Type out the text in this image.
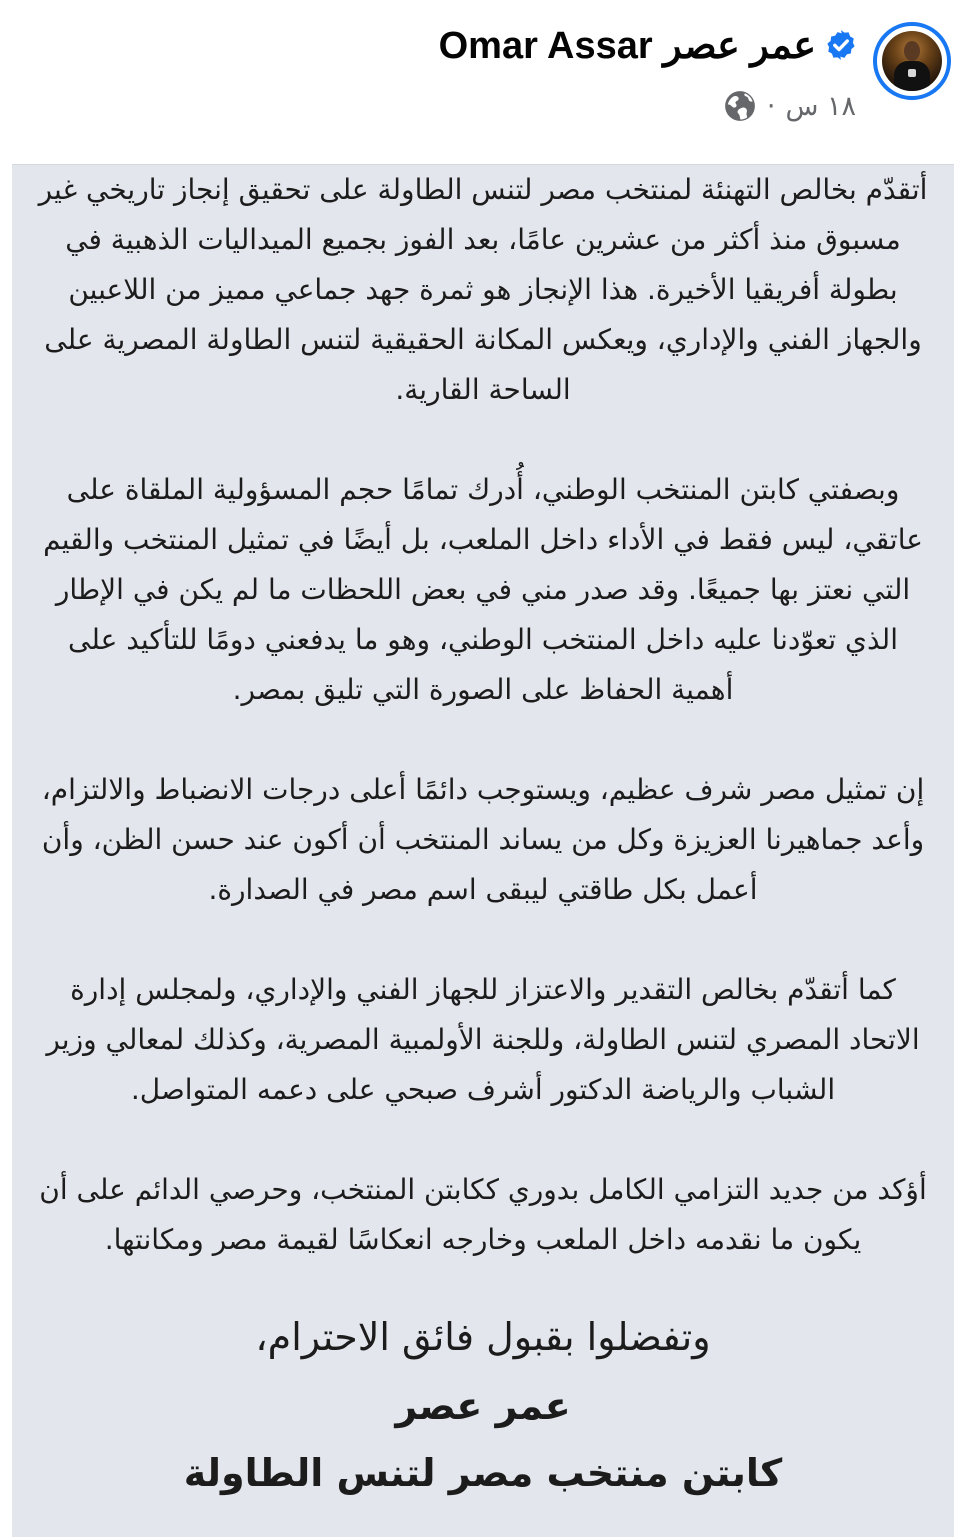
Omar Assar عمر عصر
١٨ س
·

أتقدّم بخالص التهنئة لمنتخب مصر لتنس الطاولة على تحقيق إنجاز تاريخي غير مسبوق منذ أكثر من عشرين عامًا، بعد الفوز بجميع الميداليات الذهبية في بطولة أفريقيا الأخيرة. هذا الإنجاز هو ثمرة جهد جماعي مميز من اللاعبين والجهاز الفني والإداري، ويعكس المكانة الحقيقية لتنس الطاولة المصرية على الساحة القارية.

وبصفتي كابتن المنتخب الوطني، أُدرك تمامًا حجم المسؤولية الملقاة على عاتقي، ليس فقط في الأداء داخل الملعب، بل أيضًا في تمثيل المنتخب والقيم التي نعتز بها جميعًا. وقد صدر مني في بعض اللحظات ما لم يكن في الإطار الذي تعوّدنا عليه داخل المنتخب الوطني، وهو ما يدفعني دومًا للتأكيد على أهمية الحفاظ على الصورة التي تليق بمصر.

إن تمثيل مصر شرف عظيم، ويستوجب دائمًا أعلى درجات الانضباط والالتزام، وأعد جماهيرنا العزيزة وكل من يساند المنتخب أن أكون عند حسن الظن، وأن أعمل بكل طاقتي ليبقى اسم مصر في الصدارة.

كما أتقدّم بخالص التقدير والاعتزاز للجهاز الفني والإداري، ولمجلس إدارة الاتحاد المصري لتنس الطاولة، وللجنة الأولمبية المصرية، وكذلك لمعالي وزير الشباب والرياضة الدكتور أشرف صبحي على دعمه المتواصل.

أؤكد من جديد التزامي الكامل بدوري ككابتن المنتخب، وحرصي الدائم على أن يكون ما نقدمه داخل الملعب وخارجه انعكاسًا لقيمة مصر ومكانتها.

وتفضلوا بقبول فائق الاحترام،

عمر عصر

كابتن منتخب مصر لتنس الطاولة
